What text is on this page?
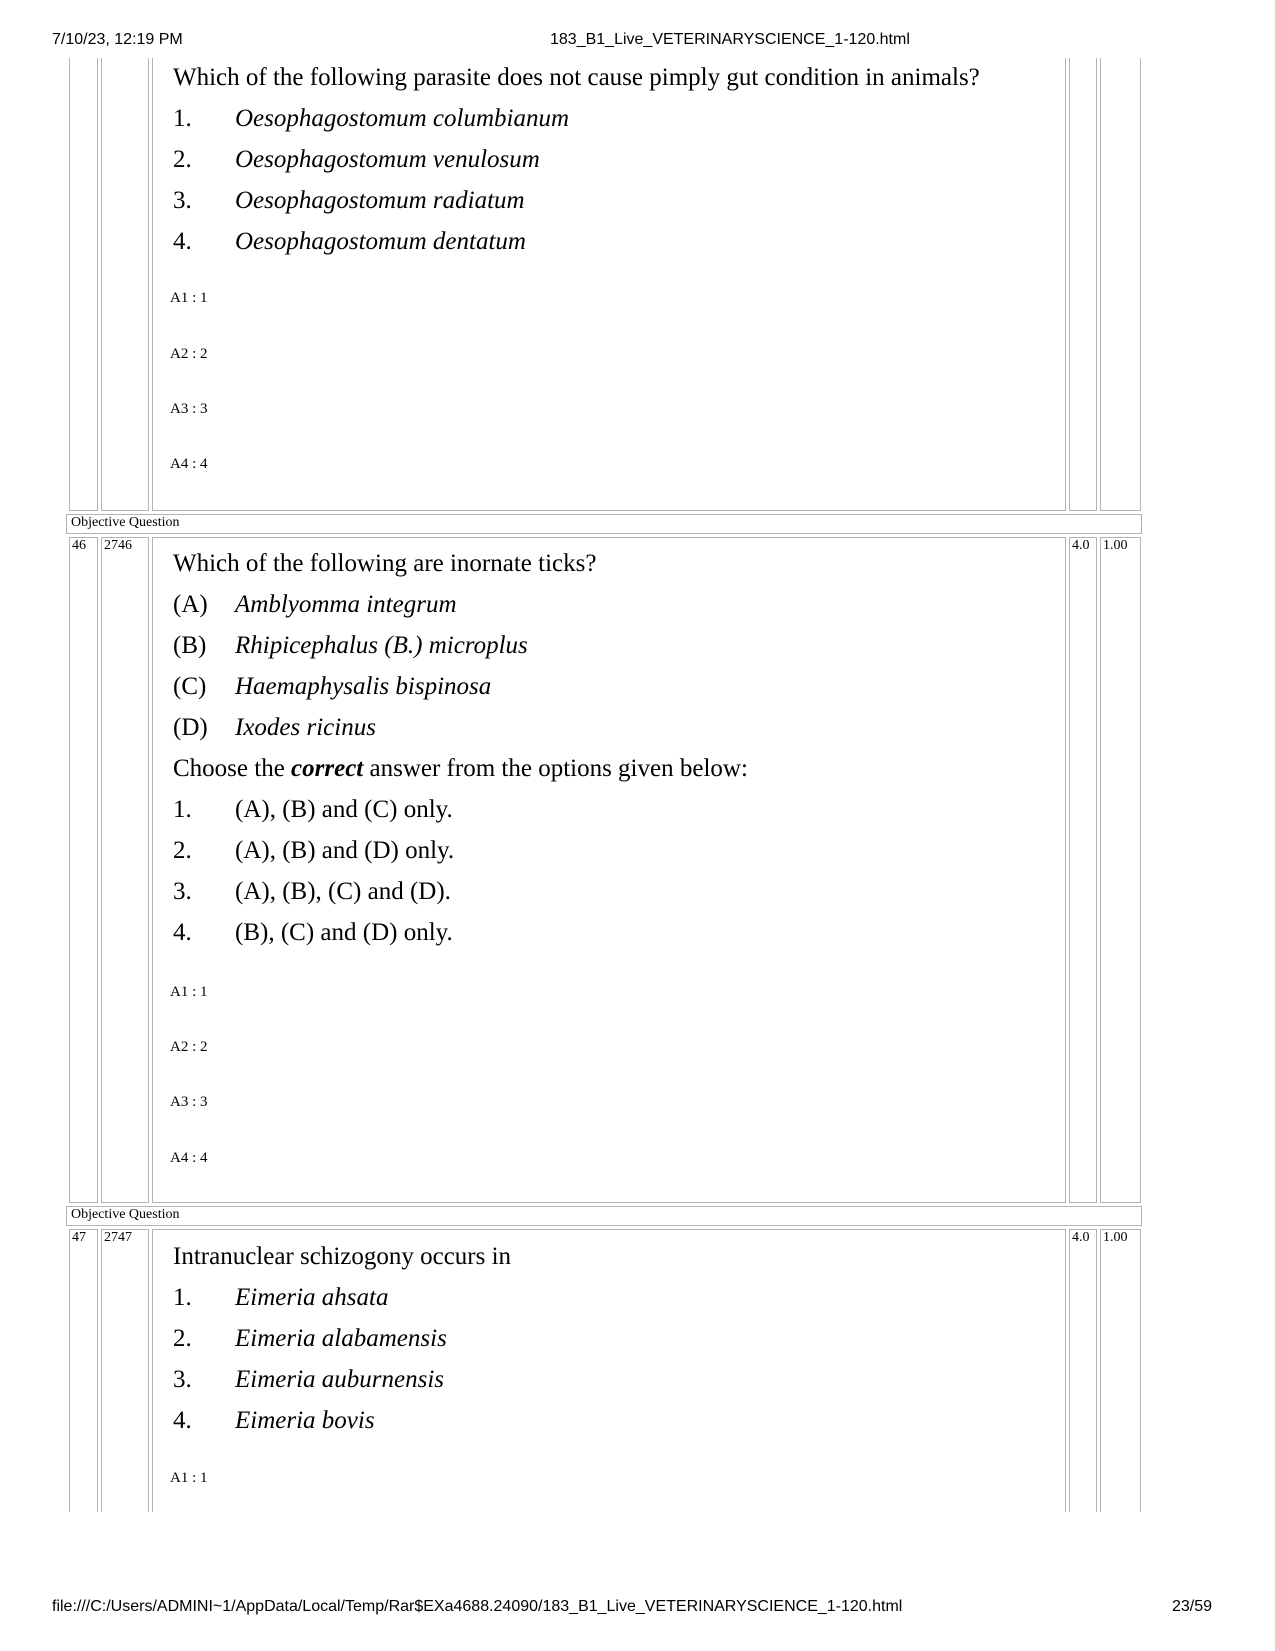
7/10/23, 12:19 PM	183_B1_Live_VETERINARYSCIENCE_1-120.html
file:///C:/Users/ADMINI~1/AppData/Local/Temp/Rar$EXa4688.24090/183_B1_Live_VETERINARYSCIENCE_1-120.html	23/59
Which of the following parasite does not cause pimply gut condition in animals?
1. Oesophagostomum columbianum
2. Oesophagostomum venulosum
3. Oesophagostomum radiatum
4. Oesophagostomum dentatum
A1 : 1
A2 : 2
A3 : 3
A4 : 4
Objective Question
46 2746	4.0 1.00
Which of the following are inornate ticks?
(A) Amblyomma integrum
(B) Rhipicephalus (B.) microplus
(C) Haemaphysalis bispinosa
(D) Ixodes ricinus
Choose the correct answer from the options given below:
1. (A), (B) and (C) only.
2. (A), (B) and (D) only.
3. (A), (B), (C) and (D).
4. (B), (C) and (D) only.
A1 : 1
A2 : 2
A3 : 3
A4 : 4
Objective Question
47 2747	4.0 1.00
Intranuclear schizogony occurs in
1. Eimeria ahsata
2. Eimeria alabamensis
3. Eimeria auburnensis
4. Eimeria bovis
A1 : 1
